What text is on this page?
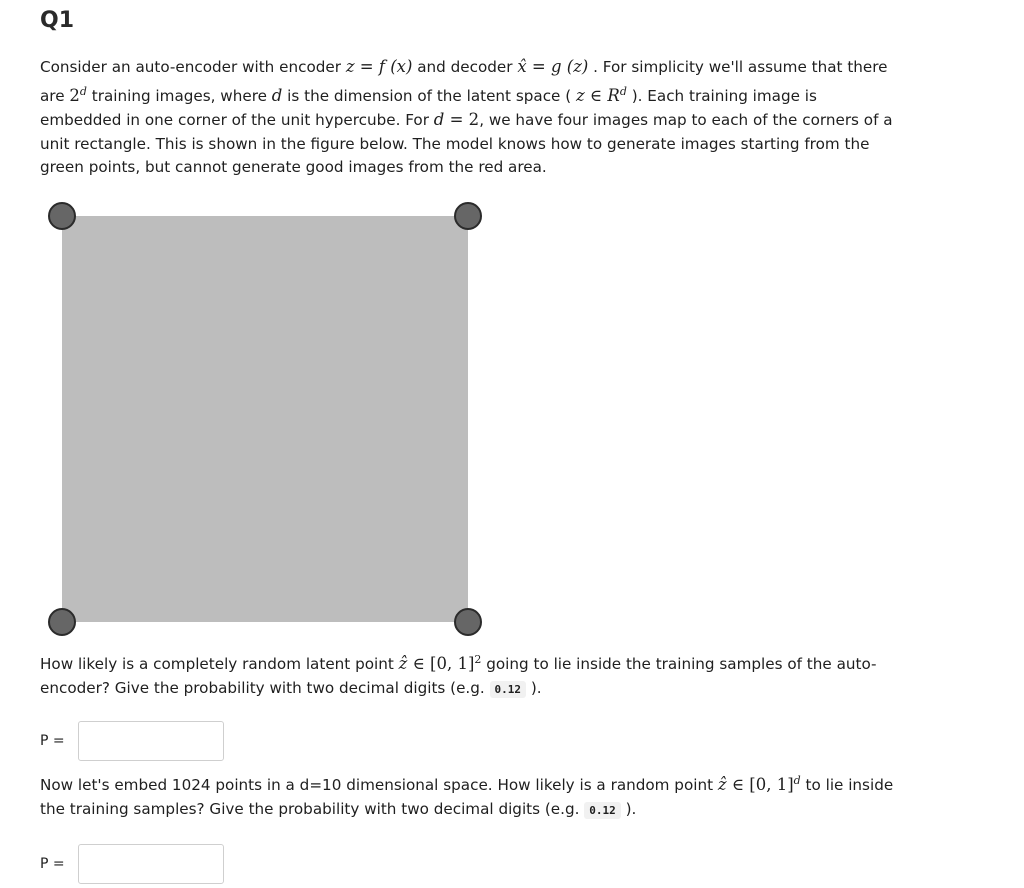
Q1

Consider an auto-encoder with encoder z = f (x) and decoder x̂ = g (z) . For simplicity we'll assume that there are 2$^d$ training images, where d is the dimension of the latent space ( z ∈ $R^d$ ). Each training image is embedded in one corner of the unit hypercube. For d = 2, we have four images map to each of the corners of a unit rectangle. This is shown in the figure below. The model knows how to generate images starting from the green points, but cannot generate good images from the red area.

How likely is a completely random latent point ẑ ∈ [0, 1]$^2$ going to lie inside the training samples of the auto-encoder? Give the probability with two decimal digits (e.g. 0.12 ).

P =

Now let's embed 1024 points in a d=10 dimensional space. How likely is a random point ẑ ∈ [0, 1]$^d$ to lie inside the training samples? Give the probability with two decimal digits (e.g. 0.12 ).

P =
